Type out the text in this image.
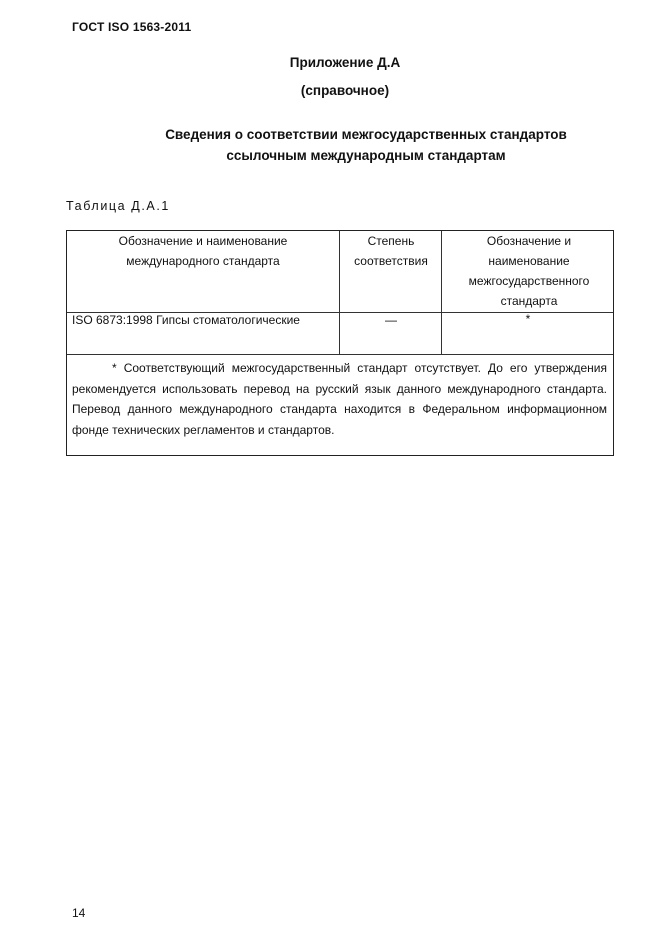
ГОСТ ISO 1563-2011
Приложение Д.А
(справочное)
Сведения о соответствии межгосударственных стандартов
ссылочным международным стандартам
Таблица Д.А.1
Обозначение и наименование международного стандарта
Степень соответствия
Обозначение и наименование межгосударственного стандарта
ISO 6873:1998 Гипсы стоматологические	—	*
* Соответствующий межгосударственный стандарт отсутствует. До его утверждения рекомендуется использовать перевод на русский язык данного международного стандарта. Перевод данного международного стандарта находится в Федеральном информационном фонде технических регламентов и стандартов.
14
